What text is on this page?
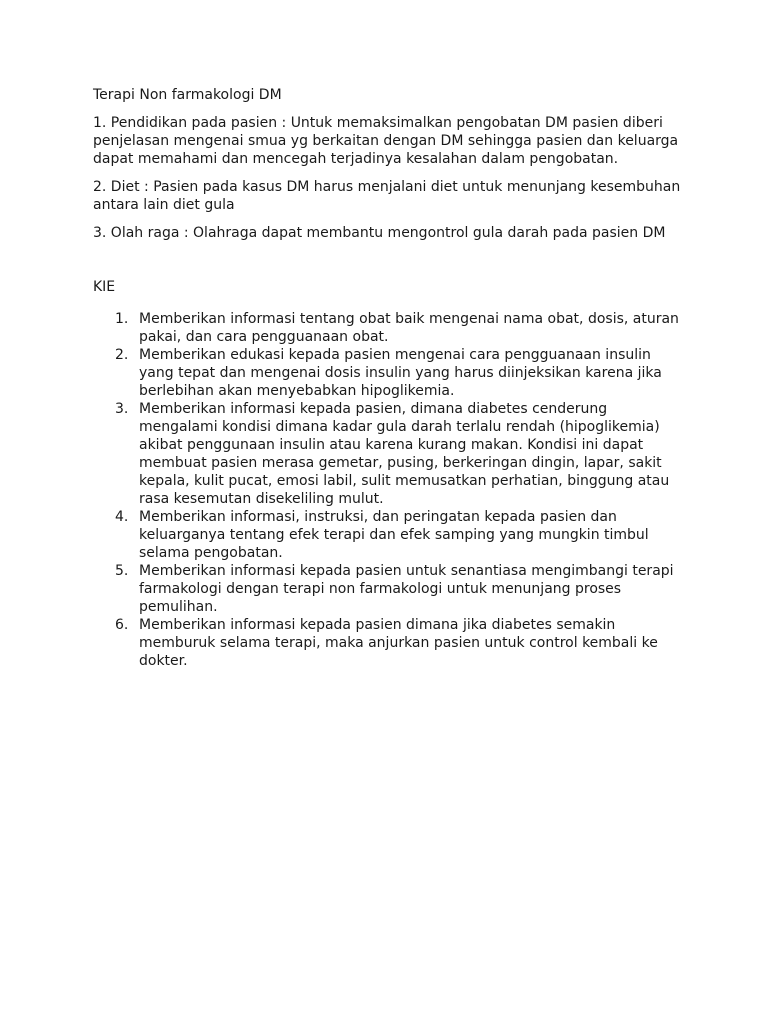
Terapi Non farmakologi DM

1. Pendidikan pada pasien : Untuk memaksimalkan pengobatan DM pasien diberi penjelasan mengenai smua yg berkaitan dengan DM sehingga pasien dan keluarga dapat memahami dan mencegah terjadinya kesalahan dalam pengobatan.

2. Diet : Pasien pada kasus DM harus menjalani diet untuk menunjang kesembuhan antara lain diet gula

3. Olah raga : Olahraga dapat membantu mengontrol gula darah pada pasien DM

KIE

1. Memberikan informasi tentang obat baik mengenai nama obat, dosis, aturan pakai, dan cara pengguanaan obat.
2. Memberikan edukasi kepada pasien mengenai cara pengguanaan insulin yang tepat dan mengenai dosis insulin yang harus diinjeksikan karena jika berlebihan akan menyebabkan hipoglikemia.
3. Memberikan informasi kepada pasien, dimana diabetes cenderung mengalami kondisi dimana kadar gula darah terlalu rendah (hipoglikemia) akibat penggunaan insulin atau karena kurang makan. Kondisi ini dapat membuat pasien merasa gemetar, pusing, berkeringan dingin, lapar, sakit kepala, kulit pucat, emosi labil, sulit memusatkan perhatian, binggung atau rasa kesemutan disekeliling mulut.
4. Memberikan informasi, instruksi, dan peringatan kepada pasien dan keluarganya tentang efek terapi dan efek samping yang mungkin timbul selama pengobatan.
5. Memberikan informasi kepada pasien untuk senantiasa mengimbangi terapi farmakologi dengan terapi non farmakologi untuk menunjang proses pemulihan.
6. Memberikan informasi kepada pasien dimana jika diabetes semakin memburuk selama terapi, maka anjurkan pasien untuk control kembali ke dokter.
